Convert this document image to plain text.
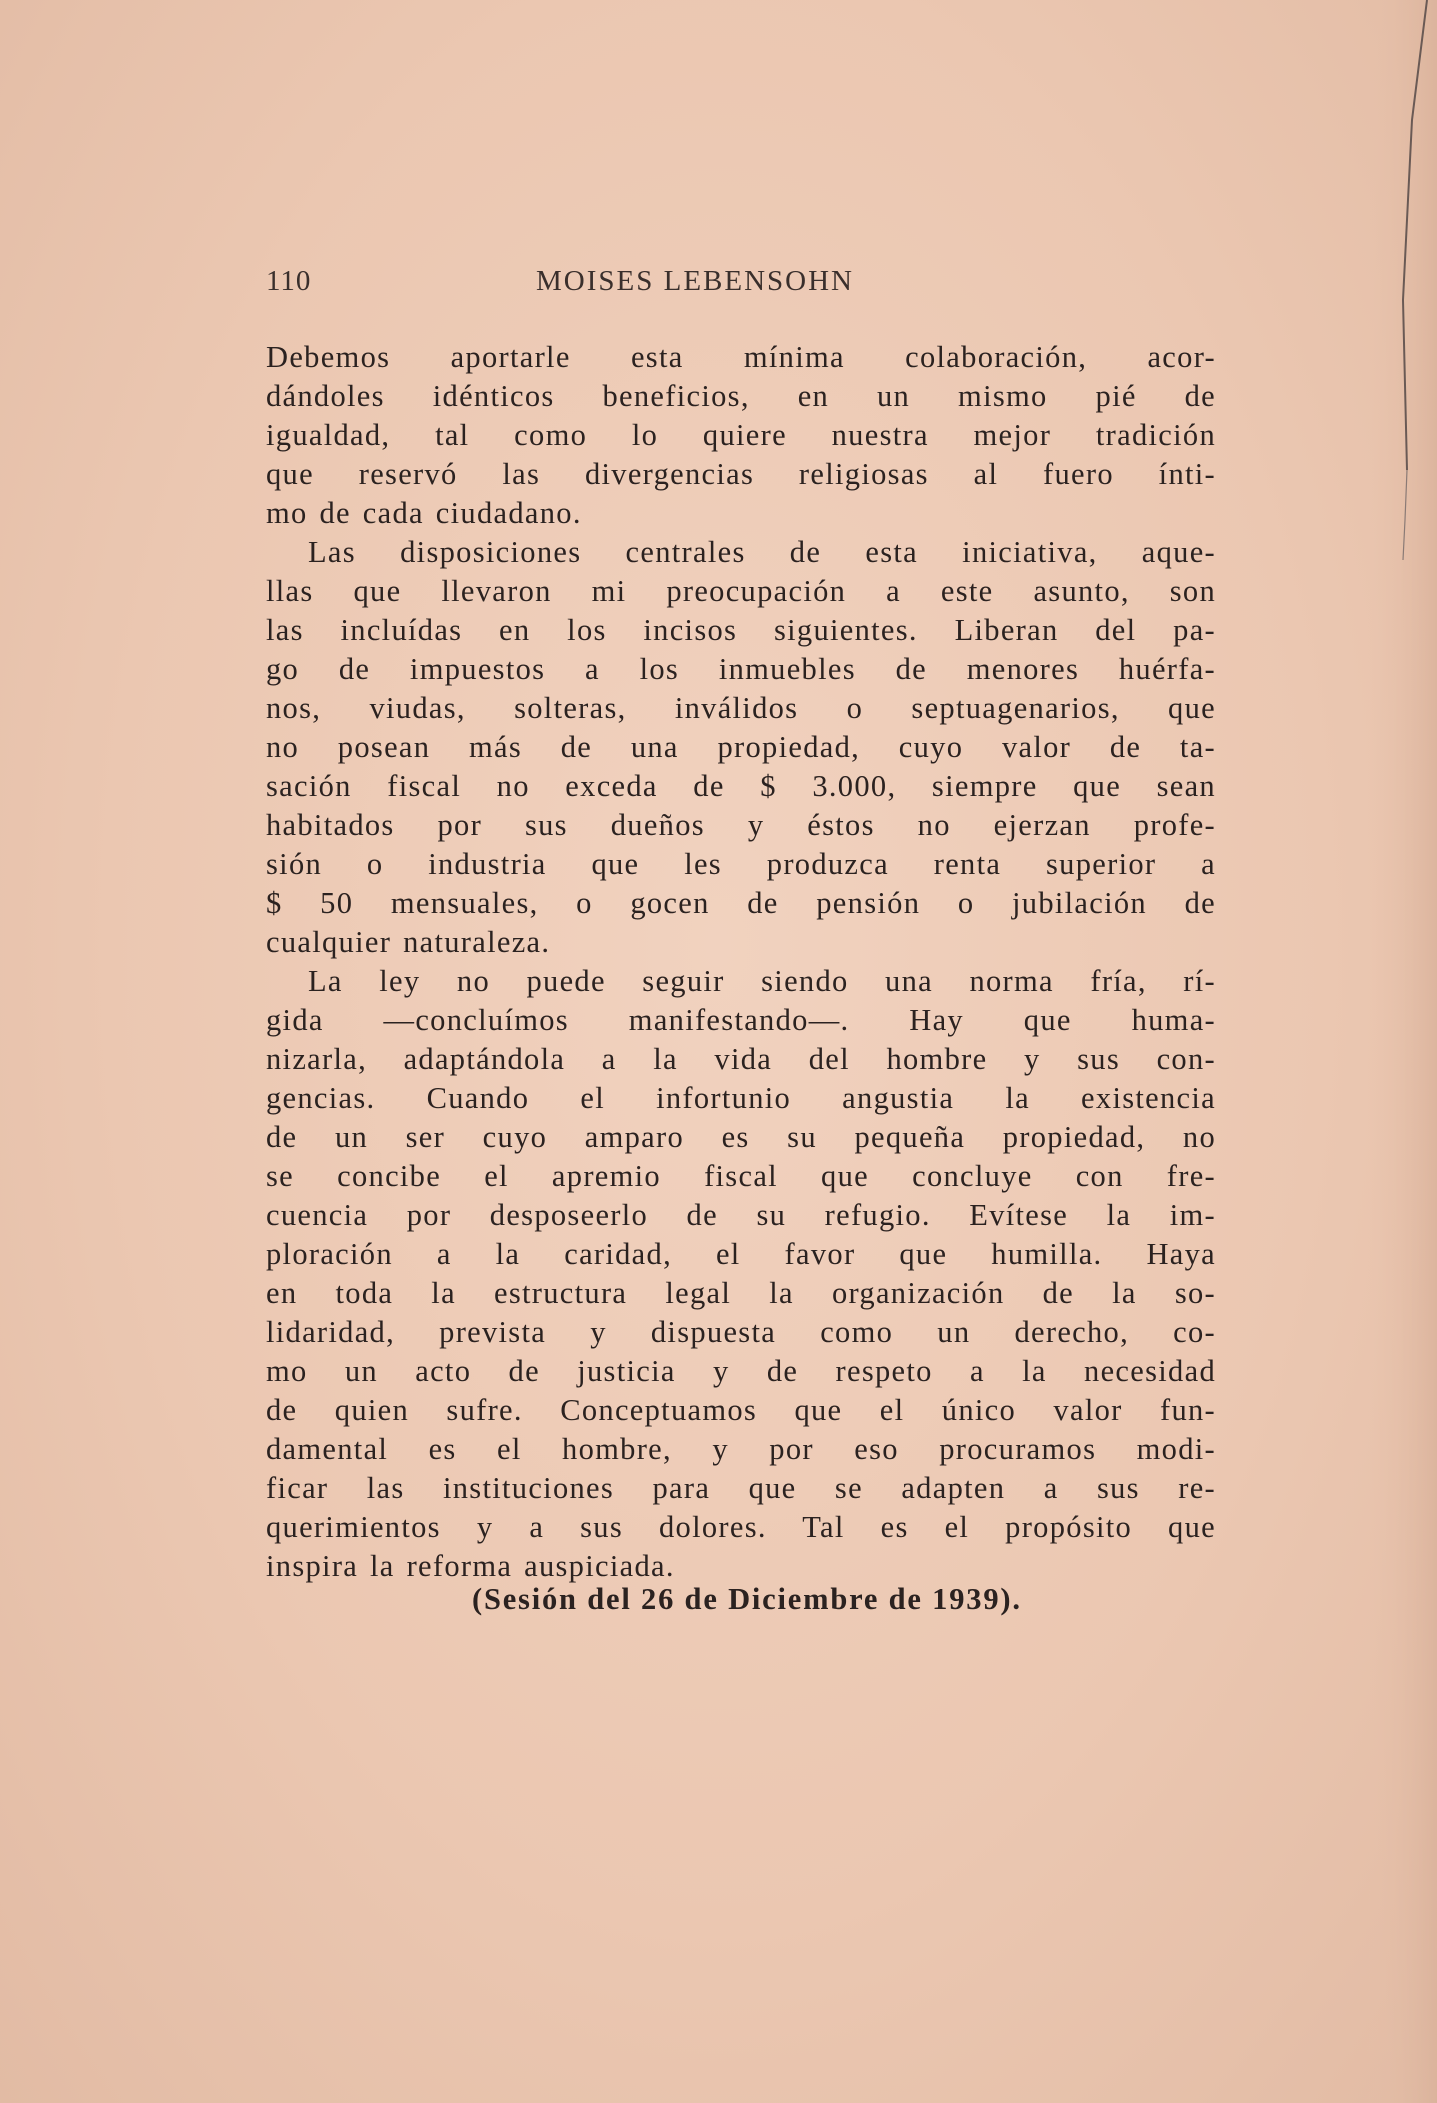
110	MOISES LEBENSOHN
Debemos aportarle esta mínima colaboración, acor-
dándoles idénticos beneficios, en un mismo pié de
igualdad, tal como lo quiere nuestra mejor tradición
que reservó las divergencias religiosas al fuero ínti-
mo de cada ciudadano.
Las disposiciones centrales de esta iniciativa, aque-
llas que llevaron mi preocupación a este asunto, son
las incluídas en los incisos siguientes. Liberan del pa-
go de impuestos a los inmuebles de menores huérfa-
nos, viudas, solteras, inválidos o septuagenarios, que
no posean más de una propiedad, cuyo valor de ta-
sación fiscal no exceda de $ 3.000, siempre que sean
habitados por sus dueños y éstos no ejerzan profe-
sión o industria que les produzca renta superior a
$ 50 mensuales, o gocen de pensión o jubilación de
cualquier naturaleza.
La ley no puede seguir siendo una norma fría, rí-
gida —concluímos manifestando—. Hay que huma-
nizarla, adaptándola a la vida del hombre y sus con-
gencias. Cuando el infortunio angustia la existencia
de un ser cuyo amparo es su pequeña propiedad, no
se concibe el apremio fiscal que concluye con fre-
cuencia por desposeerlo de su refugio. Evítese la im-
ploración a la caridad, el favor que humilla. Haya
en toda la estructura legal la organización de la so-
lidaridad, prevista y dispuesta como un derecho, co-
mo un acto de justicia y de respeto a la necesidad
de quien sufre. Conceptuamos que el único valor fun-
damental es el hombre, y por eso procuramos modi-
ficar las instituciones para que se adapten a sus re-
querimientos y a sus dolores. Tal es el propósito que
inspira la reforma auspiciada.
(Sesión del 26 de Diciembre de 1939).
